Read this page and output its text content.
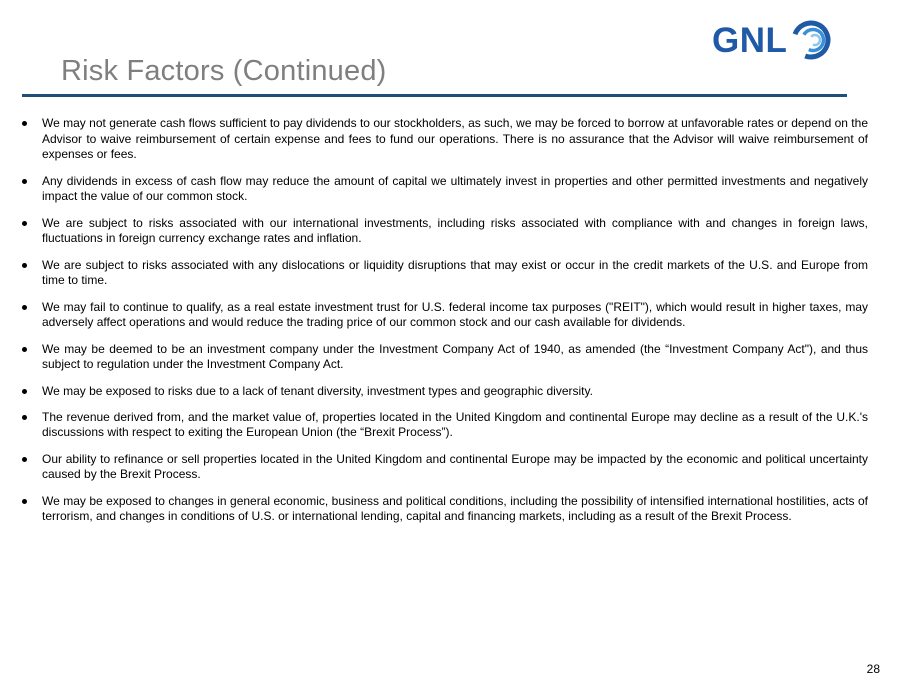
Risk Factors (Continued)
GNL
We may not generate cash flows sufficient to pay dividends to our stockholders, as such, we may be forced to borrow at unfavorable rates or depend on the Advisor to waive reimbursement of certain expense and fees to fund our operations. There is no assurance that the Advisor will waive reimbursement of expenses or fees.
Any dividends in excess of cash flow may reduce the amount of capital we ultimately invest in properties and other permitted investments and negatively impact the value of our common stock.
We are subject to risks associated with our international investments, including risks associated with compliance with and changes in foreign laws, fluctuations in foreign currency exchange rates and inflation.
We are subject to risks associated with any dislocations or liquidity disruptions that may exist or occur in the credit markets of the U.S. and Europe from time to time.
We may fail to continue to qualify, as a real estate investment trust for U.S. federal income tax purposes ("REIT"), which would result in higher taxes, may adversely affect operations and would reduce the trading price of our common stock and our cash available for dividends.
We may be deemed to be an investment company under the Investment Company Act of 1940, as amended (the “Investment Company Act"), and thus subject to regulation under the Investment Company Act.
We may be exposed to risks due to a lack of tenant diversity, investment types and geographic diversity.
The revenue derived from, and the market value of, properties located in the United Kingdom and continental Europe may decline as a result of the U.K.'s discussions with respect to exiting the European Union (the “Brexit Process”).
Our ability to refinance or sell properties located in the United Kingdom and continental Europe may be impacted by the economic and political uncertainty caused by the Brexit Process.
We may be exposed to changes in general economic, business and political conditions, including the possibility of intensified international hostilities, acts of terrorism, and changes in conditions of U.S. or international lending, capital and financing markets, including as a result of the Brexit Process.
28
